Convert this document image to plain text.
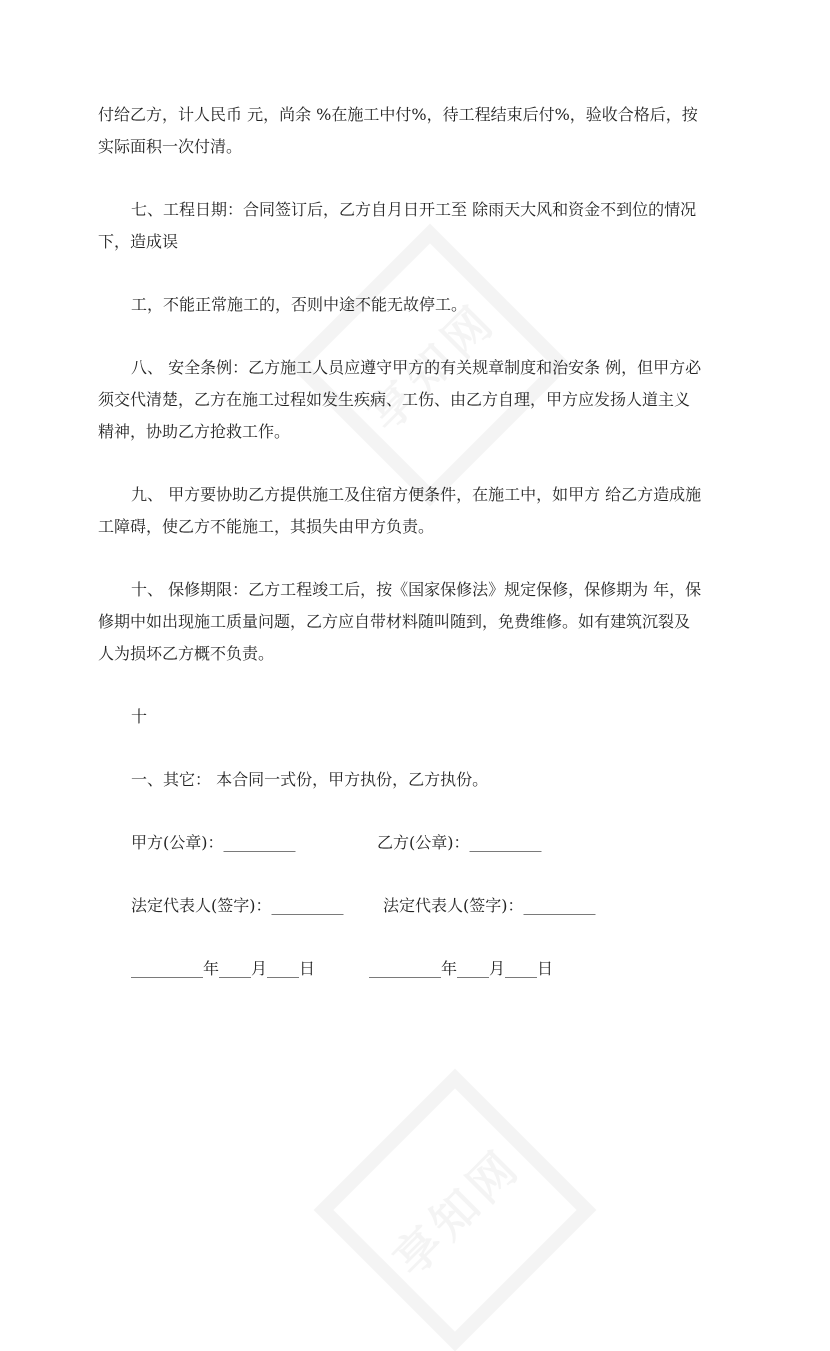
付给乙方，计人民币 元，尚余 %在施工中付%，待工程结束后付%，验收合格后，按
实际面积一次付清。

七、工程日期：合同签订后，乙方自月日开工至 除雨天大风和资金不到位的情况
下，造成误

工，不能正常施工的，否则中途不能无故停工。

八、 安全条例：乙方施工人员应遵守甲方的有关规章制度和治安条 例，但甲方必
须交代清楚，乙方在施工过程如发生疾病、工伤、由乙方自理，甲方应发扬人道主义
精神，协助乙方抢救工作。

九、 甲方要协助乙方提供施工及住宿方便条件，在施工中，如甲方 给乙方造成施
工障碍，使乙方不能施工，其损失由甲方负责。

十、 保修期限：乙方工程竣工后，按《国家保修法》规定保修，保修期为 年，保
修期中如出现施工质量问题，乙方应自带材料随叫随到，免费维修。如有建筑沉裂及
人为损坏乙方概不负责。

十

一、其它： 本合同一式份，甲方执份，乙方执份。

甲方(公章)：_________	乙方(公章)：_________
法定代表人(签字)：_________ 法定代表人(签字)：_________
_________年____月____日	_________年____月____日
